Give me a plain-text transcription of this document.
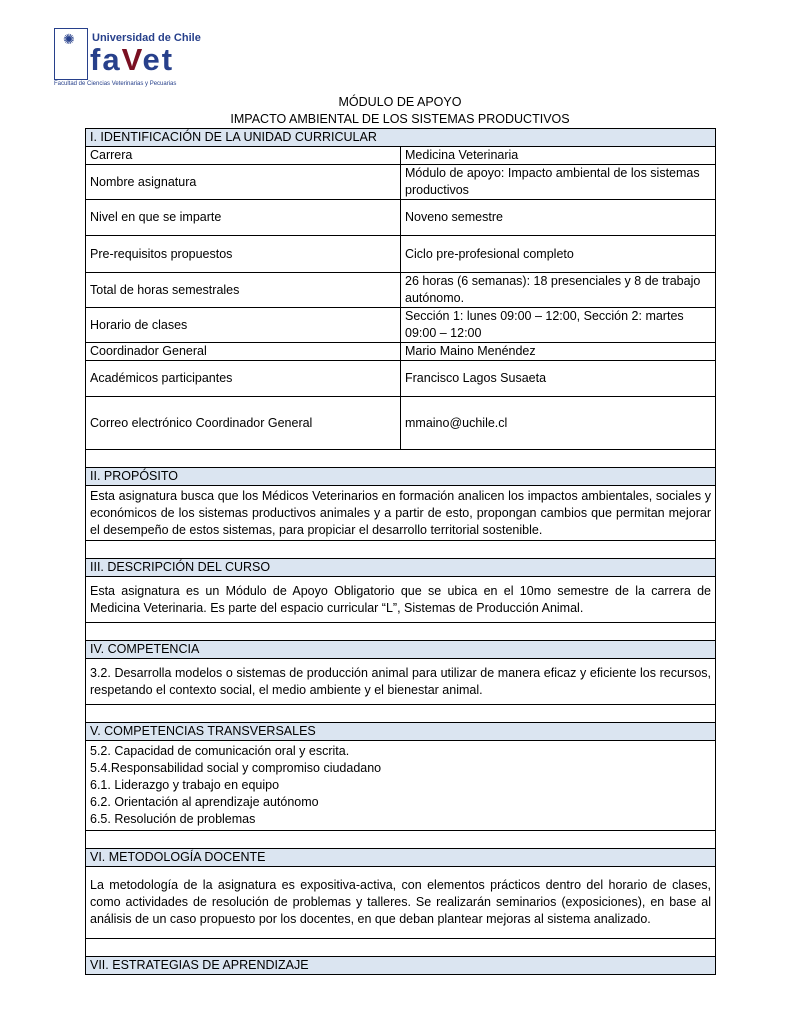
✺ Universidad de Chile
faVet
Facultad de Ciencias Veterinarias y Pecuarias
MÓDULO DE APOYO
IMPACTO AMBIENTAL DE LOS SISTEMAS PRODUCTIVOS
I. IDENTIFICACIÓN DE LA UNIDAD CURRICULAR	
Carrera	Medicina Veterinaria
Nombre asignatura	Módulo de apoyo: Impacto ambiental de los sistemas productivos
Nivel en que se imparte	Noveno semestre
Pre-requisitos propuestos	Ciclo pre-profesional completo
Total de horas semestrales	26 horas (6 semanas): 18 presenciales y 8 de trabajo autónomo.
Horario de clases	Sección 1: lunes 09:00 – 12:00, Sección 2: martes 09:00 – 12:00
Coordinador General	Mario Maino Menéndez
Académicos participantes	Francisco Lagos Susaeta
Correo electrónico Coordinador General	mmaino@uchile.cl

II. PROPÓSITO	
Esta asignatura busca que los Médicos Veterinarios en formación analicen los impactos ambientales, sociales y económicos de los sistemas productivos animales y a partir de esto, propongan cambios que permitan mejorar el desempeño de estos sistemas, para propiciar el desarrollo territorial sostenible.	

III. DESCRIPCIÓN DEL CURSO	
Esta asignatura es un Módulo de Apoyo Obligatorio que se ubica en el 10mo semestre de la carrera de Medicina Veterinaria. Es parte del espacio curricular “L”, Sistemas de Producción Animal.	

IV. COMPETENCIA	
3.2. Desarrolla modelos o sistemas de producción animal para utilizar de manera eficaz y eficiente los recursos, respetando el contexto social, el medio ambiente y el bienestar animal.	

V. COMPETENCIAS TRANSVERSALES	

5.2. Capacidad de comunicación oral y escrita.
5.4.Responsabilidad social y compromiso ciudadano
6.1. Liderazgo y trabajo en equipo
6.2. Orientación al aprendizaje autónomo
6.5. Resolución de problemas	

VI. METODOLOGÍA DOCENTE	
La metodología de la asignatura es expositiva-activa, con elementos prácticos dentro del horario de clases, como actividades de resolución de problemas y talleres. Se realizarán seminarios (exposiciones), en base al análisis de un caso propuesto por los docentes, en que deban plantear mejoras al sistema analizado.	

VII. ESTRATEGIAS DE APRENDIZAJE	
